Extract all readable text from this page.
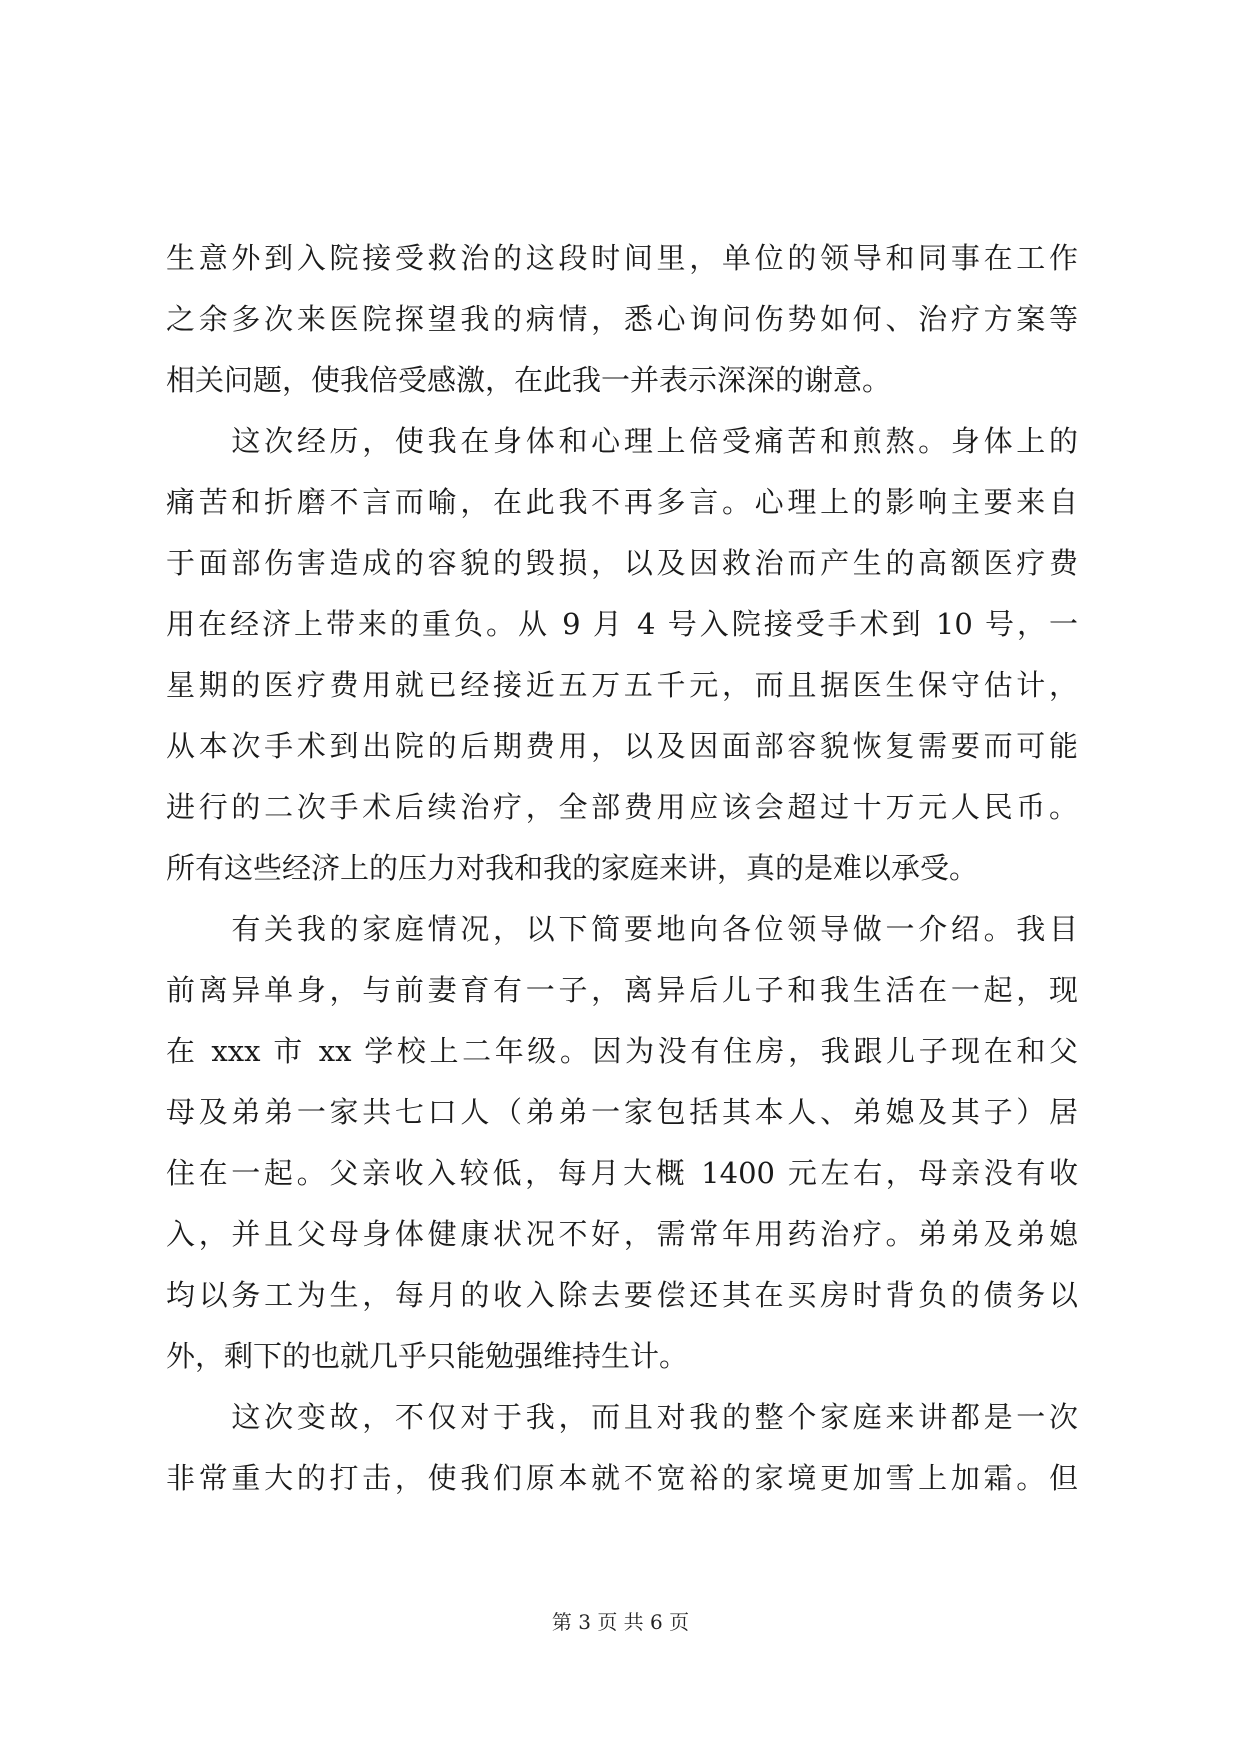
生意外到入院接受救治的这段时间里，单位的领导和同事在工作
之余多次来医院探望我的病情，悉心询问伤势如何、治疗方案等
相关问题，使我倍受感激，在此我一并表示深深的谢意。
　　这次经历，使我在身体和心理上倍受痛苦和煎熬。身体上的
痛苦和折磨不言而喻，在此我不再多言。心理上的影响主要来自
于面部伤害造成的容貌的毁损，以及因救治而产生的高额医疗费
用在经济上带来的重负。从 9 月 4 号入院接受手术到 10 号，一
星期的医疗费用就已经接近五万五千元，而且据医生保守估计，
从本次手术到出院的后期费用，以及因面部容貌恢复需要而可能
进行的二次手术后续治疗，全部费用应该会超过十万元人民币。
所有这些经济上的压力对我和我的家庭来讲，真的是难以承受。
　　有关我的家庭情况，以下简要地向各位领导做一介绍。我目
前离异单身，与前妻育有一子，离异后儿子和我生活在一起，现
在 xxx 市 xx 学校上二年级。因为没有住房，我跟儿子现在和父
母及弟弟一家共七口人（弟弟一家包括其本人、弟媳及其子）居
住在一起。父亲收入较低，每月大概 1400 元左右，母亲没有收
入，并且父母身体健康状况不好，需常年用药治疗。弟弟及弟媳
均以务工为生，每月的收入除去要偿还其在买房时背负的债务以
外，剩下的也就几乎只能勉强维持生计。
　　这次变故，不仅对于我，而且对我的整个家庭来讲都是一次
非常重大的打击，使我们原本就不宽裕的家境更加雪上加霜。但
第 3 页 共 6 页
